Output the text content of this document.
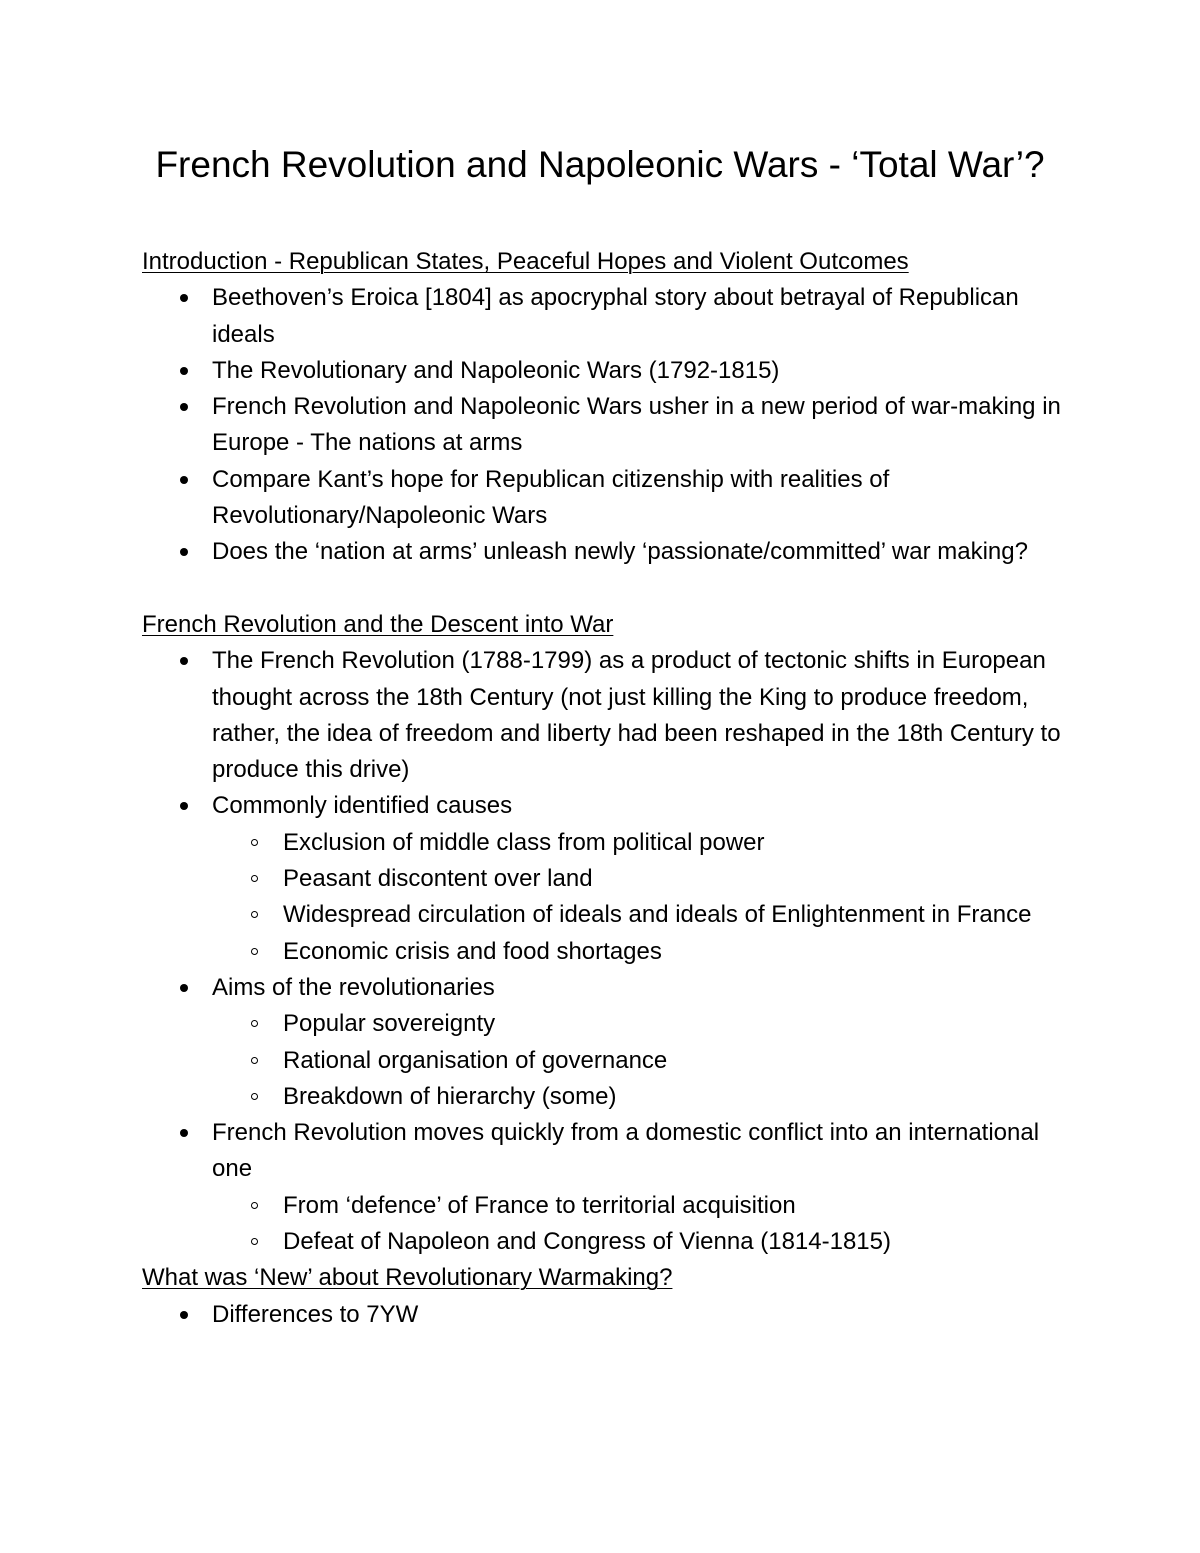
French Revolution and Napoleonic Wars - ‘Total War’?

Introduction - Republican States, Peaceful Hopes and Violent Outcomes

Beethoven’s Eroica [1804] as apocryphal story about betrayal of Republican ideals
The Revolutionary and Napoleonic Wars (1792-1815)
French Revolution and Napoleonic Wars usher in a new period of war-making in Europe - The nations at arms
Compare Kant’s hope for Republican citizenship with realities of Revolutionary/Napoleonic Wars
Does the ‘nation at arms’ unleash newly ‘passionate/committed’ war making?

French Revolution and the Descent into War

The French Revolution (1788-1799) as a product of tectonic shifts in European thought across the 18th Century (not just killing the King to produce freedom, rather, the idea of freedom and liberty had been reshaped in the 18th Century to produce this drive)
Commonly identified causes
Exclusion of middle class from political power
Peasant discontent over land
Widespread circulation of ideals and ideals of Enlightenment in France
Economic crisis and food shortages
Aims of the revolutionaries
Popular sovereignty
Rational organisation of governance
Breakdown of hierarchy (some)
French Revolution moves quickly from a domestic conflict into an international one
From ‘defence’ of France to territorial acquisition
Defeat of Napoleon and Congress of Vienna (1814-1815)

What was ‘New’ about Revolutionary Warmaking?

Differences to 7YW
